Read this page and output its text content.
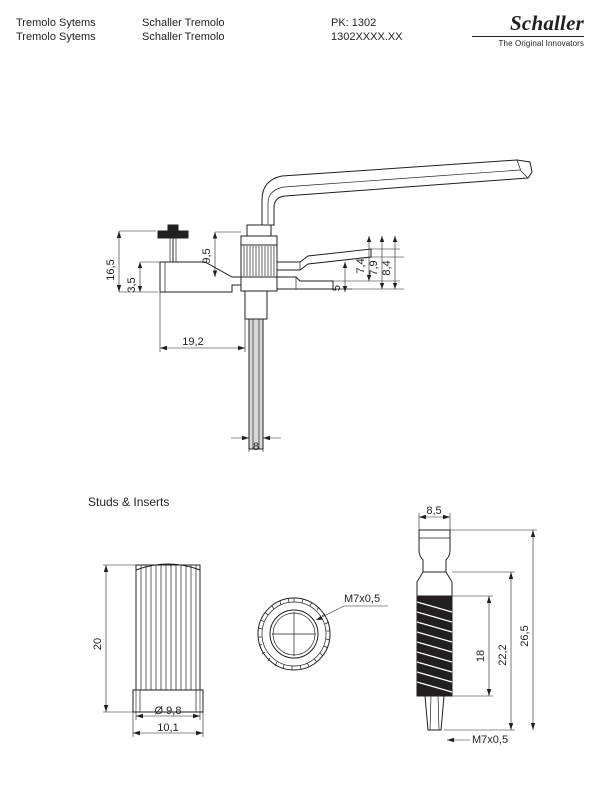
Tremolo Sytems	Schaller Tremolo	PK: 1302
Tremolo Sytems	Schaller Tremolo	1302XXXX.XX
Schaller
The Original Innovators
16,5
3,5
9,5
5
7,4 7,9 8,4
19,2
8
20
Ø 9,8
10,1
M7x0,5
8,5
18 22,2
26,5
M7x0,5
Studs & Inserts
